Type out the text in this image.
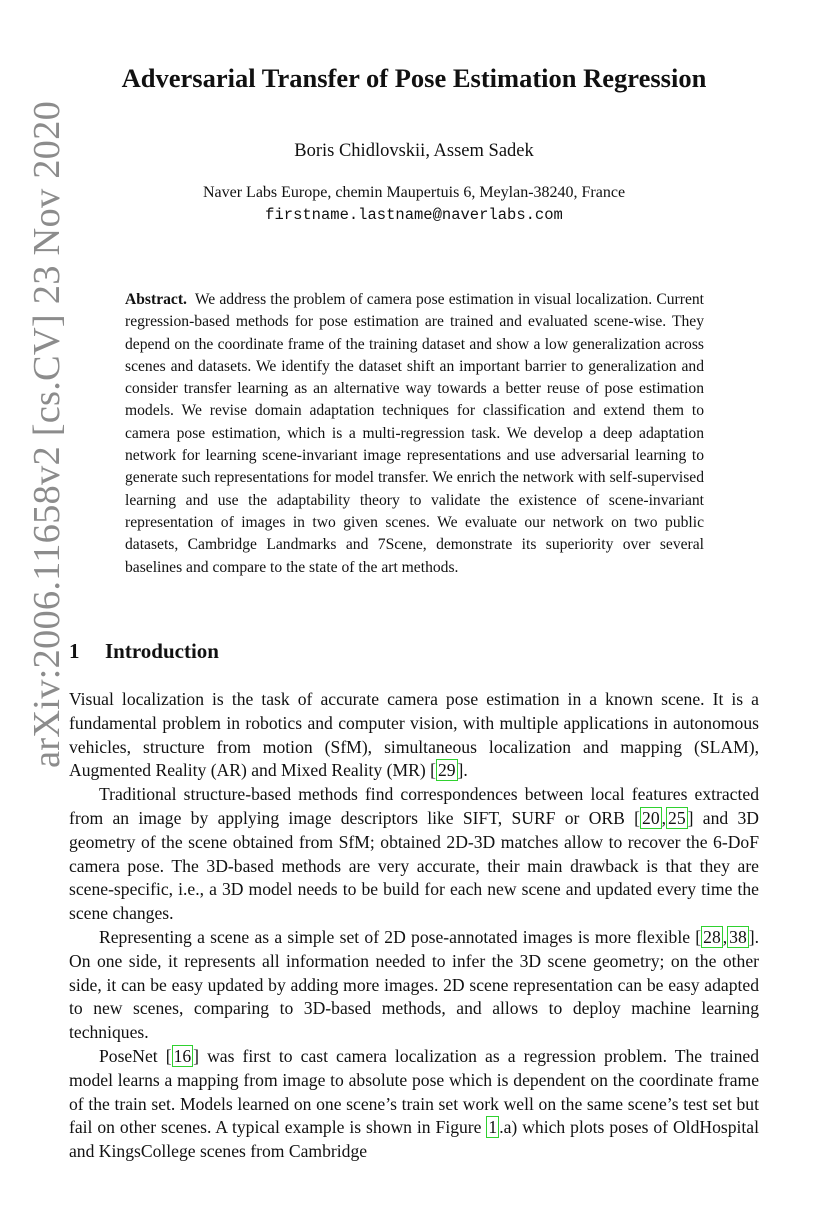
arXiv:2006.11658v2 [cs.CV] 23 Nov 2020
Adversarial Transfer of Pose Estimation Regression
Boris Chidlovskii, Assem Sadek
Naver Labs Europe, chemin Maupertuis 6, Meylan-38240, France
firstname.lastname@naverlabs.com
Abstract. We address the problem of camera pose estimation in visual localization. Current regression-based methods for pose estimation are trained and evaluated scene-wise. They depend on the coordinate frame of the training dataset and show a low generalization across scenes and datasets. We identify the dataset shift an important barrier to generalization and consider transfer learning as an alternative way towards a better reuse of pose estimation models. We revise domain adaptation techniques for classification and extend them to camera pose estimation, which is a multi-regression task. We develop a deep adaptation network for learning scene-invariant image representations and use adversarial learning to generate such representations for model transfer. We enrich the network with self-supervised learning and use the adaptability theory to validate the existence of scene-invariant representation of images in two given scenes. We evaluate our network on two public datasets, Cambridge Landmarks and 7Scene, demonstrate its superiority over several baselines and compare to the state of the art methods.
1 Introduction

Visual localization is the task of accurate camera pose estimation in a known scene. It is a fundamental problem in robotics and computer vision, with multiple applications in autonomous vehicles, structure from motion (SfM), simultaneous localization and mapping (SLAM), Augmented Reality (AR) and Mixed Reality (MR) [ 29 ].

Traditional structure-based methods find correspondences between local features extracted from an image by applying image descriptors like SIFT, SURF or ORB [ 20 , 25 ] and 3D geometry of the scene obtained from SfM; obtained 2D-3D matches allow to recover the 6-DoF camera pose. The 3D-based methods are very accurate, their main drawback is that they are scene-specific, i.e., a 3D model needs to be build for each new scene and updated every time the scene changes.

Representing a scene as a simple set of 2D pose-annotated images is more flexible [ 28 , 38 ]. On one side, it represents all information needed to infer the 3D scene geometry; on the other side, it can be easy updated by adding more images. 2D scene representation can be easy adapted to new scenes, comparing to 3D-based methods, and allows to deploy machine learning techniques.

PoseNet [ 16 ] was first to cast camera localization as a regression problem. The trained model learns a mapping from image to absolute pose which is dependent on the coordinate frame of the train set. Models learned on one scene’s train set work well on the same scene’s test set but fail on other scenes. A typical example is shown in Figure 1 .a) which plots poses of OldHospital and KingsCollege scenes from Cambridge
